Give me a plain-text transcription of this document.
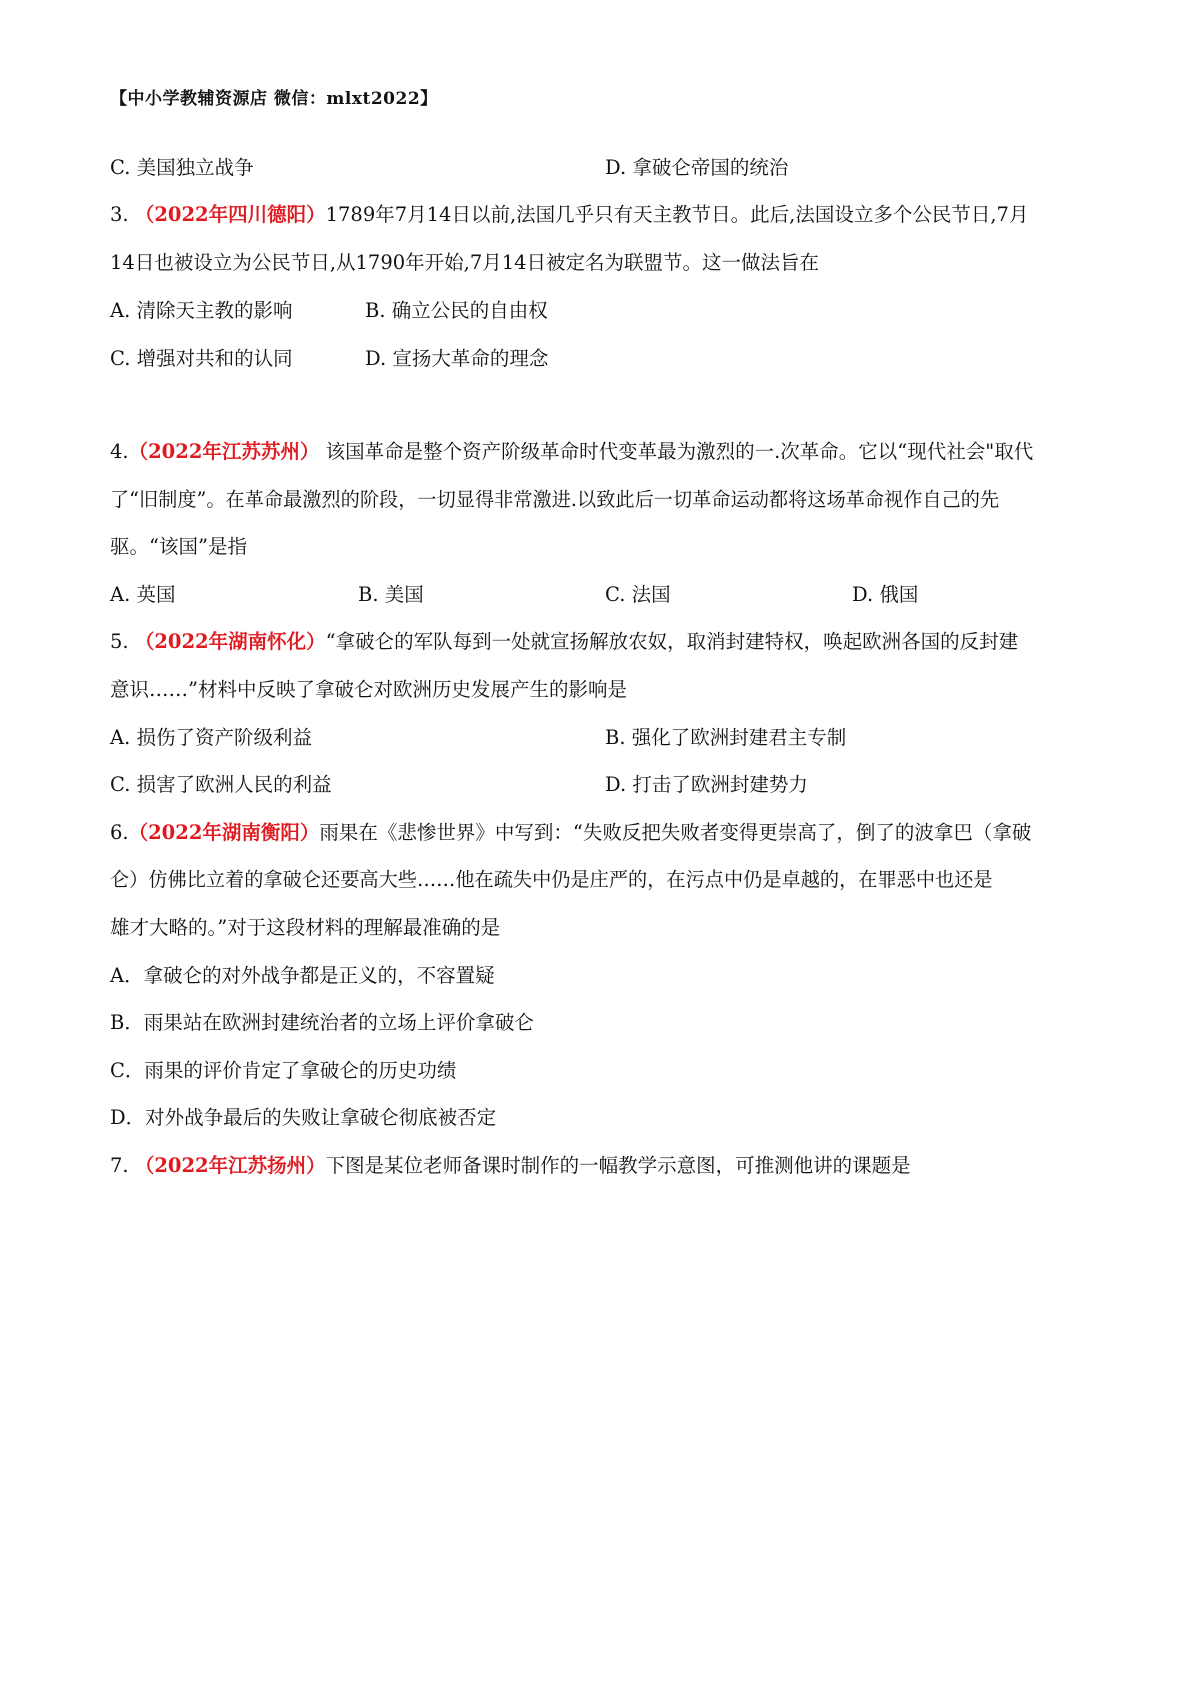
【中小学教辅资源店 微信：mlxt2022】
C. 美国独立战争	D. 拿破仑帝国的统治
3. （2022年四川德阳）1789年7月14日以前,法国几乎只有天主教节日。此后,法国设立多个公民节日,7月
14日也被设立为公民节日,从1790年开始,7月14日被定名为联盟节。这一做法旨在
A. 清除天主教的影响	B. 确立公民的自由权
C. 增强对共和的认同	D. 宣扬大革命的理念
4.（2022年江苏苏州） 该国革命是整个资产阶级革命时代变革最为激烈的一.次革命。它以“现代社会"取代
了“旧制度”。在革命最激烈的阶段，一切显得非常激进.以致此后一切革命运动都将这场革命视作自己的先
驱。“该国”是指
A. 英国	B. 美国	C. 法国	D. 俄国
5. （2022年湖南怀化）“拿破仑的军队每到一处就宣扬解放农奴，取消封建特权，唤起欧洲各国的反封建
意识……”材料中反映了拿破仑对欧洲历史发展产生的影响是
A. 损伤了资产阶级利益	B. 强化了欧洲封建君主专制
C. 损害了欧洲人民的利益	D. 打击了欧洲封建势力
6.（2022年湖南衡阳）雨果在《悲惨世界》中写到：“失败反把失败者变得更崇高了，倒了的波拿巴（拿破
仑）仿佛比立着的拿破仑还要高大些……他在疏失中仍是庄严的，在污点中仍是卓越的，在罪恶中也还是
雄才大略的。”对于这段材料的理解最准确的是
A．拿破仑的对外战争都是正义的，不容置疑
B．雨果站在欧洲封建统治者的立场上评价拿破仑
C．雨果的评价肯定了拿破仑的历史功绩
D．对外战争最后的失败让拿破仑彻底被否定
7. （2022年江苏扬州）下图是某位老师备课时制作的一幅教学示意图，可推测他讲的课题是
